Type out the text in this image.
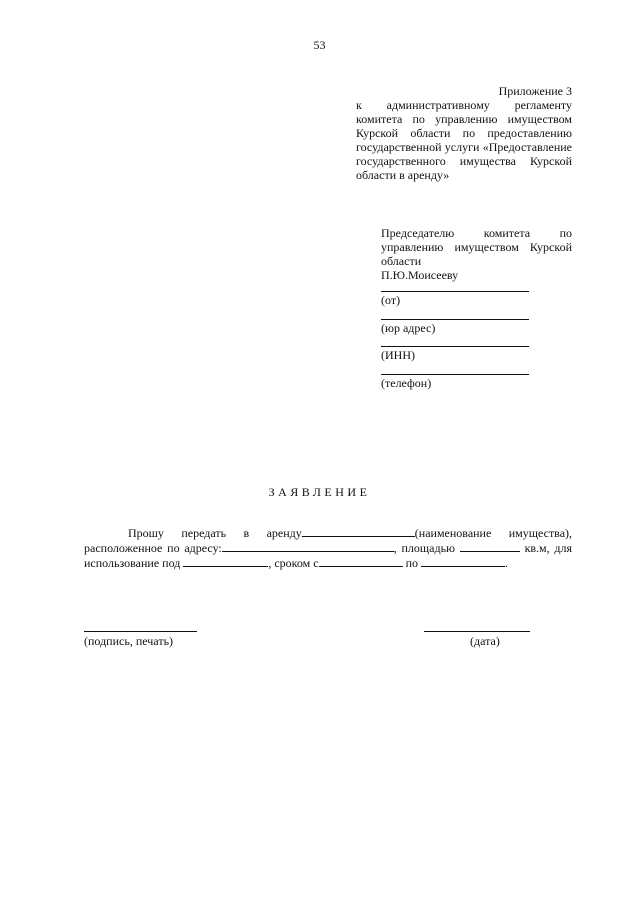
53
Приложение 3
к административному регламенту
комитета по управлению имуществом
Курской области по предоставлению
государственной услуги «Предоставление
государственного имущества Курской
области в аренду»
Председателю комитета по
управлению имуществом Курской
области
П.Ю.Моисееву
(от)
(юр адрес)
(ИНН)
(телефон)
ЗАЯВЛЕНИЕ
Прошу передать в аренду	(наименование имущества),
расположенное по адресу:	, площадью	кв.м, для
использование под	, сроком с	по	.
(подпись, печать)	(дата)
